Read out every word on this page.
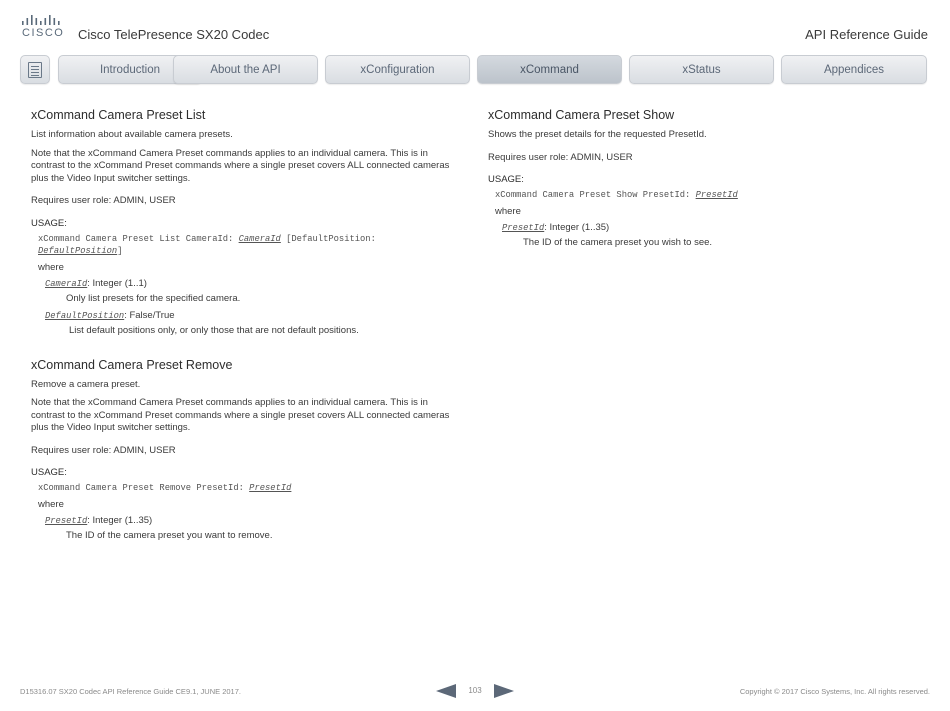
CISCO Cisco TelePresence SX20 Codec	API Reference Guide
Introduction	About the API	xConfiguration	xCommand	xStatus	Appendices
xCommand Camera Preset List

List information about available camera presets.

Note that the xCommand Camera Preset commands applies to an individual camera. This is in contrast to the xCommand Preset commands where a single preset covers ALL connected cameras plus the Video Input switcher settings.

Requires user role: ADMIN, USER

USAGE:
xCommand Camera Preset List CameraId: CameraId [DefaultPosition: DefaultPosition]
where
CameraId: Integer (1..1)
Only list presets for the specified camera.
DefaultPosition: False/True
List default positions only, or only those that are not default positions.
xCommand Camera Preset Remove

Remove a camera preset.

Note that the xCommand Camera Preset commands applies to an individual camera. This is in contrast to the xCommand Preset commands where a single preset covers ALL connected cameras plus the Video Input switcher settings.

Requires user role: ADMIN, USER

USAGE:
xCommand Camera Preset Remove PresetId: PresetId
where
PresetId: Integer (1..35)
The ID of the camera preset you want to remove.
xCommand Camera Preset Show

Shows the preset details for the requested PresetId.

Requires user role: ADMIN, USER

USAGE:
xCommand Camera Preset Show PresetId: PresetId
where
PresetId: Integer (1..35)
The ID of the camera preset you wish to see.
D15316.07 SX20 Codec API Reference Guide CE9.1, JUNE 2017.	103	Copyright © 2017 Cisco Systems, Inc. All rights reserved.
